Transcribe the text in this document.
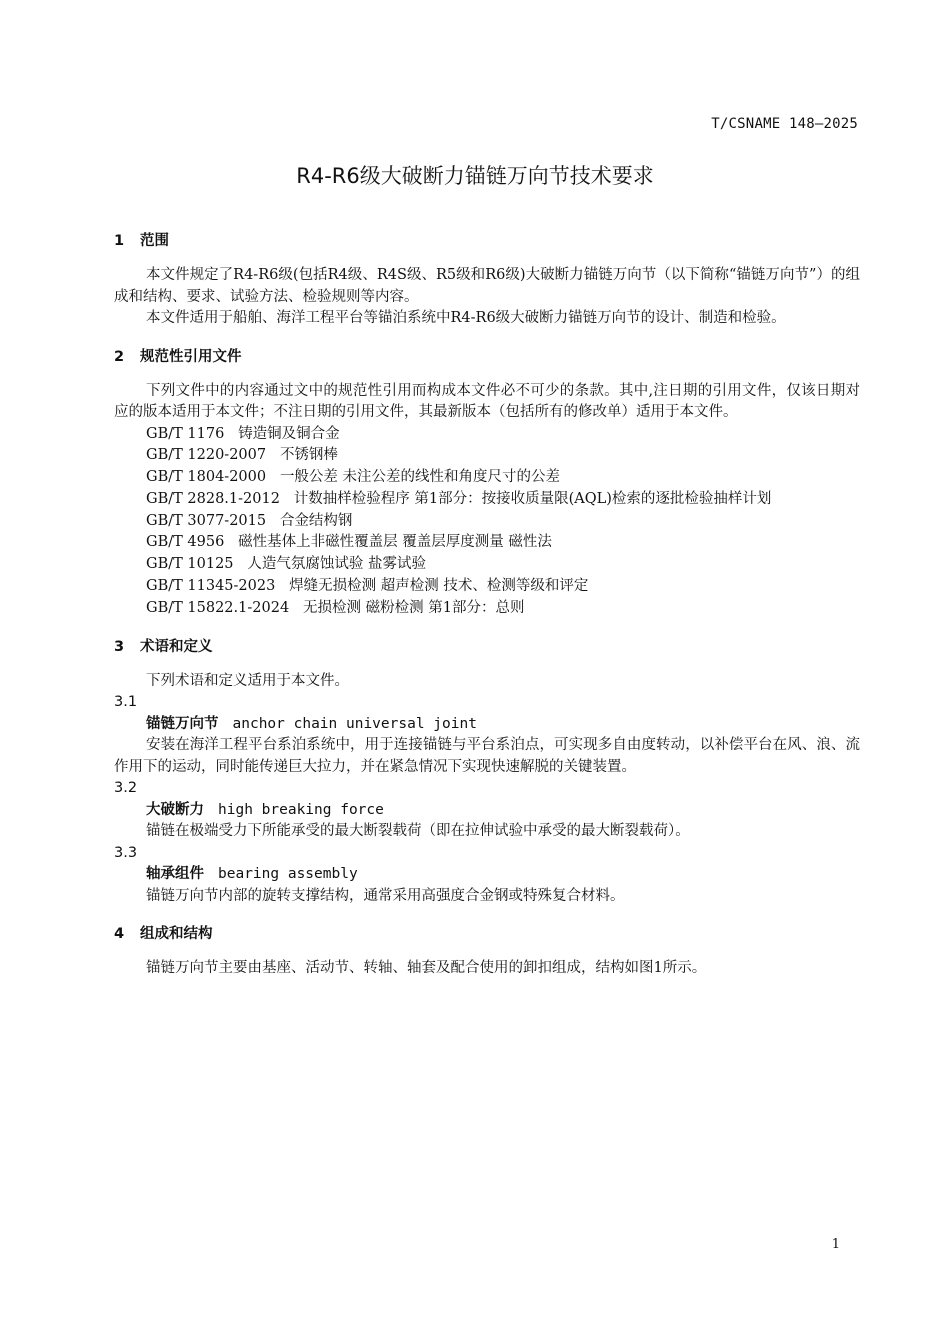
T/CSNAME 148—2025
R4-R6级大破断力锚链万向节技术要求
1 范围
本文件规定了R4-R6级(包括R4级、R4S级、R5级和R6级)大破断力锚链万向节（以下简称“锚链万向节”）的组成和结构、要求、试验方法、检验规则等内容。
本文件适用于船舶、海洋工程平台等锚泊系统中R4-R6级大破断力锚链万向节的设计、制造和检验。
2 规范性引用文件
下列文件中的内容通过文中的规范性引用而构成本文件必不可少的条款。其中,注日期的引用文件，仅该日期对应的版本适用于本文件；不注日期的引用文件，其最新版本（包括所有的修改单）适用于本文件。
GB/T 1176 铸造铜及铜合金
GB/T 1220-2007 不锈钢棒
GB/T 1804-2000 一般公差 未注公差的线性和角度尺寸的公差
GB/T 2828.1-2012 计数抽样检验程序 第1部分：按接收质量限(AQL)检索的逐批检验抽样计划
GB/T 3077-2015 合金结构钢
GB/T 4956 磁性基体上非磁性覆盖层 覆盖层厚度测量 磁性法
GB/T 10125 人造气氛腐蚀试验 盐雾试验
GB/T 11345-2023 焊缝无损检测 超声检测 技术、检测等级和评定
GB/T 15822.1-2024 无损检测 磁粉检测 第1部分：总则
3 术语和定义
下列术语和定义适用于本文件。
3.1
锚链万向节 anchor chain universal joint
安装在海洋工程平台系泊系统中，用于连接锚链与平台系泊点，可实现多自由度转动，以补偿平台在风、浪、流作用下的运动，同时能传递巨大拉力，并在紧急情况下实现快速解脱的关键装置。
3.2
大破断力 high breaking force
锚链在极端受力下所能承受的最大断裂载荷（即在拉伸试验中承受的最大断裂载荷）。
3.3
轴承组件 bearing assembly
锚链万向节内部的旋转支撑结构，通常采用高强度合金钢或特殊复合材料。
4 组成和结构
锚链万向节主要由基座、活动节、转轴、轴套及配合使用的卸扣组成，结构如图1所示。
1
